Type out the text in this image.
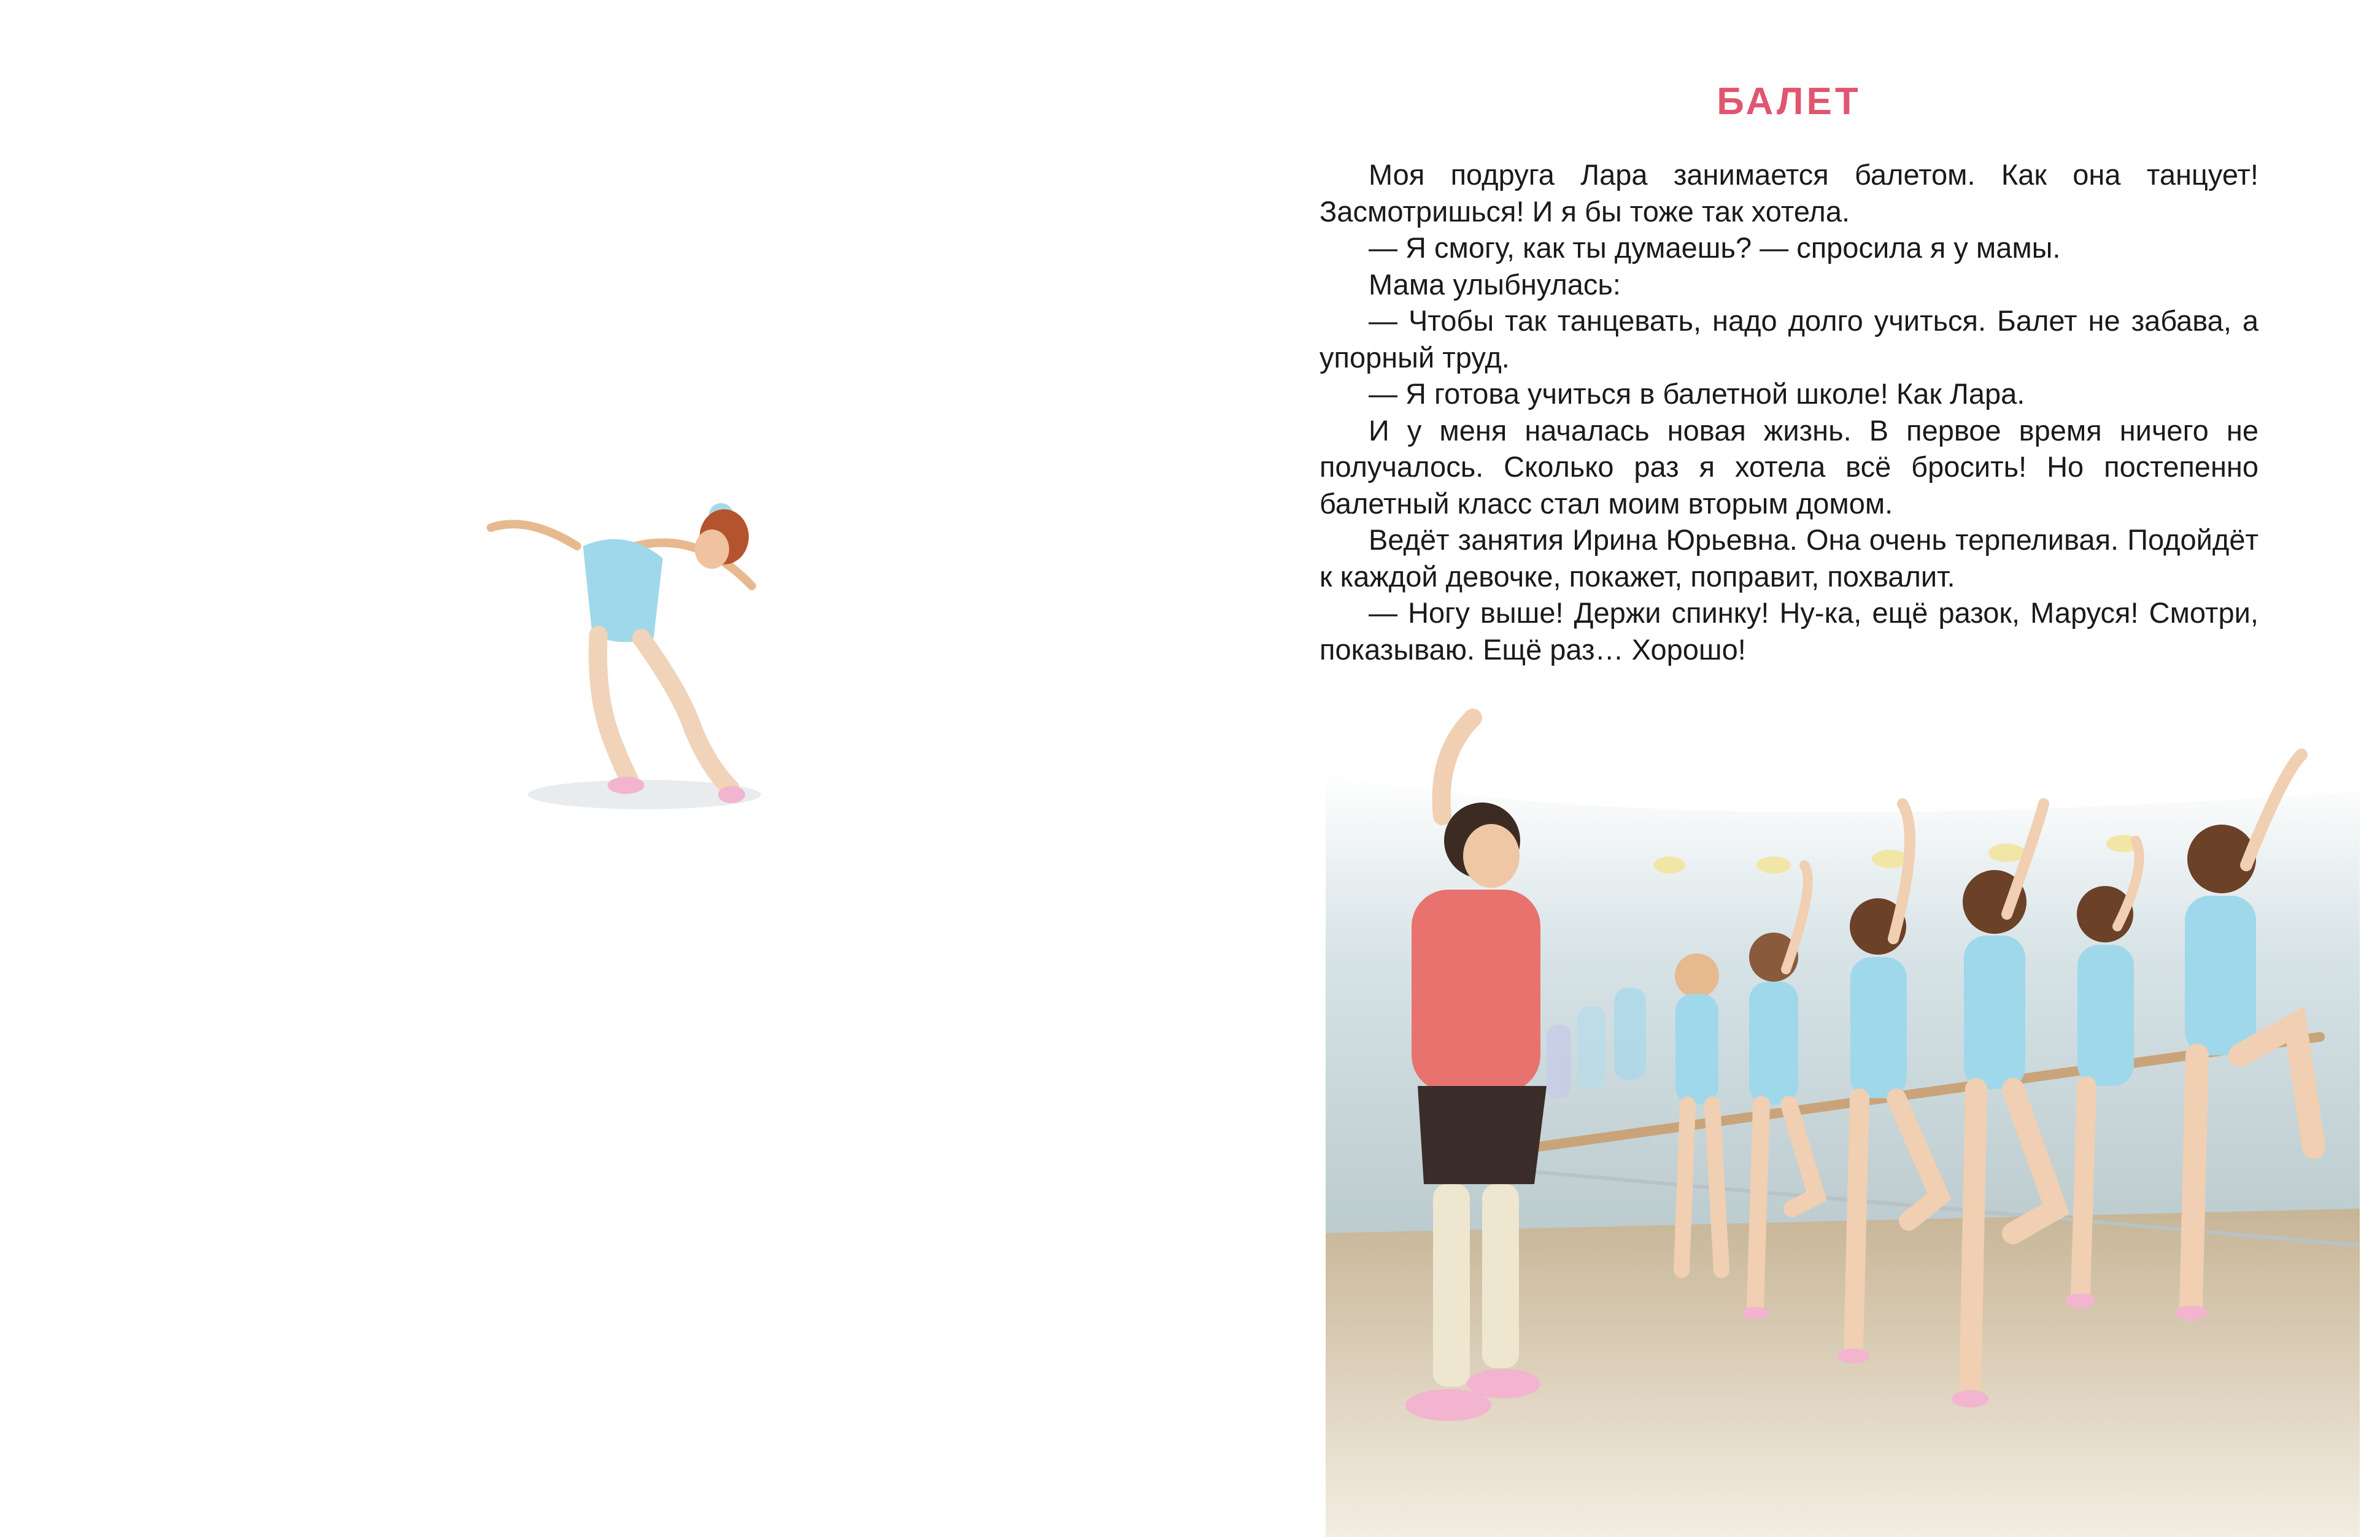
БАЛЕТ

Моя подруга Лара занимается балетом. Как она танцует! Засмотришься! И я бы тоже так хотела.

— Я смогу, как ты думаешь? — спросила я у мамы.

Мама улыбнулась:

— Чтобы так танцевать, надо долго учиться. Балет не забава, а упорный труд.

— Я готова учиться в балетной школе! Как Лара.

И у меня началась новая жизнь. В первое время ничего не получалось. Сколько раз я хотела всё бросить! Но постепенно балетный класс стал моим вторым домом.

Ведёт занятия Ирина Юрьевна. Она очень терпеливая. Подойдёт к каждой девочке, покажет, поправит, похвалит.

— Ногу выше! Держи спинку! Ну-ка, ещё разок, Маруся! Смотри, показываю. Ещё раз… Хорошо!
